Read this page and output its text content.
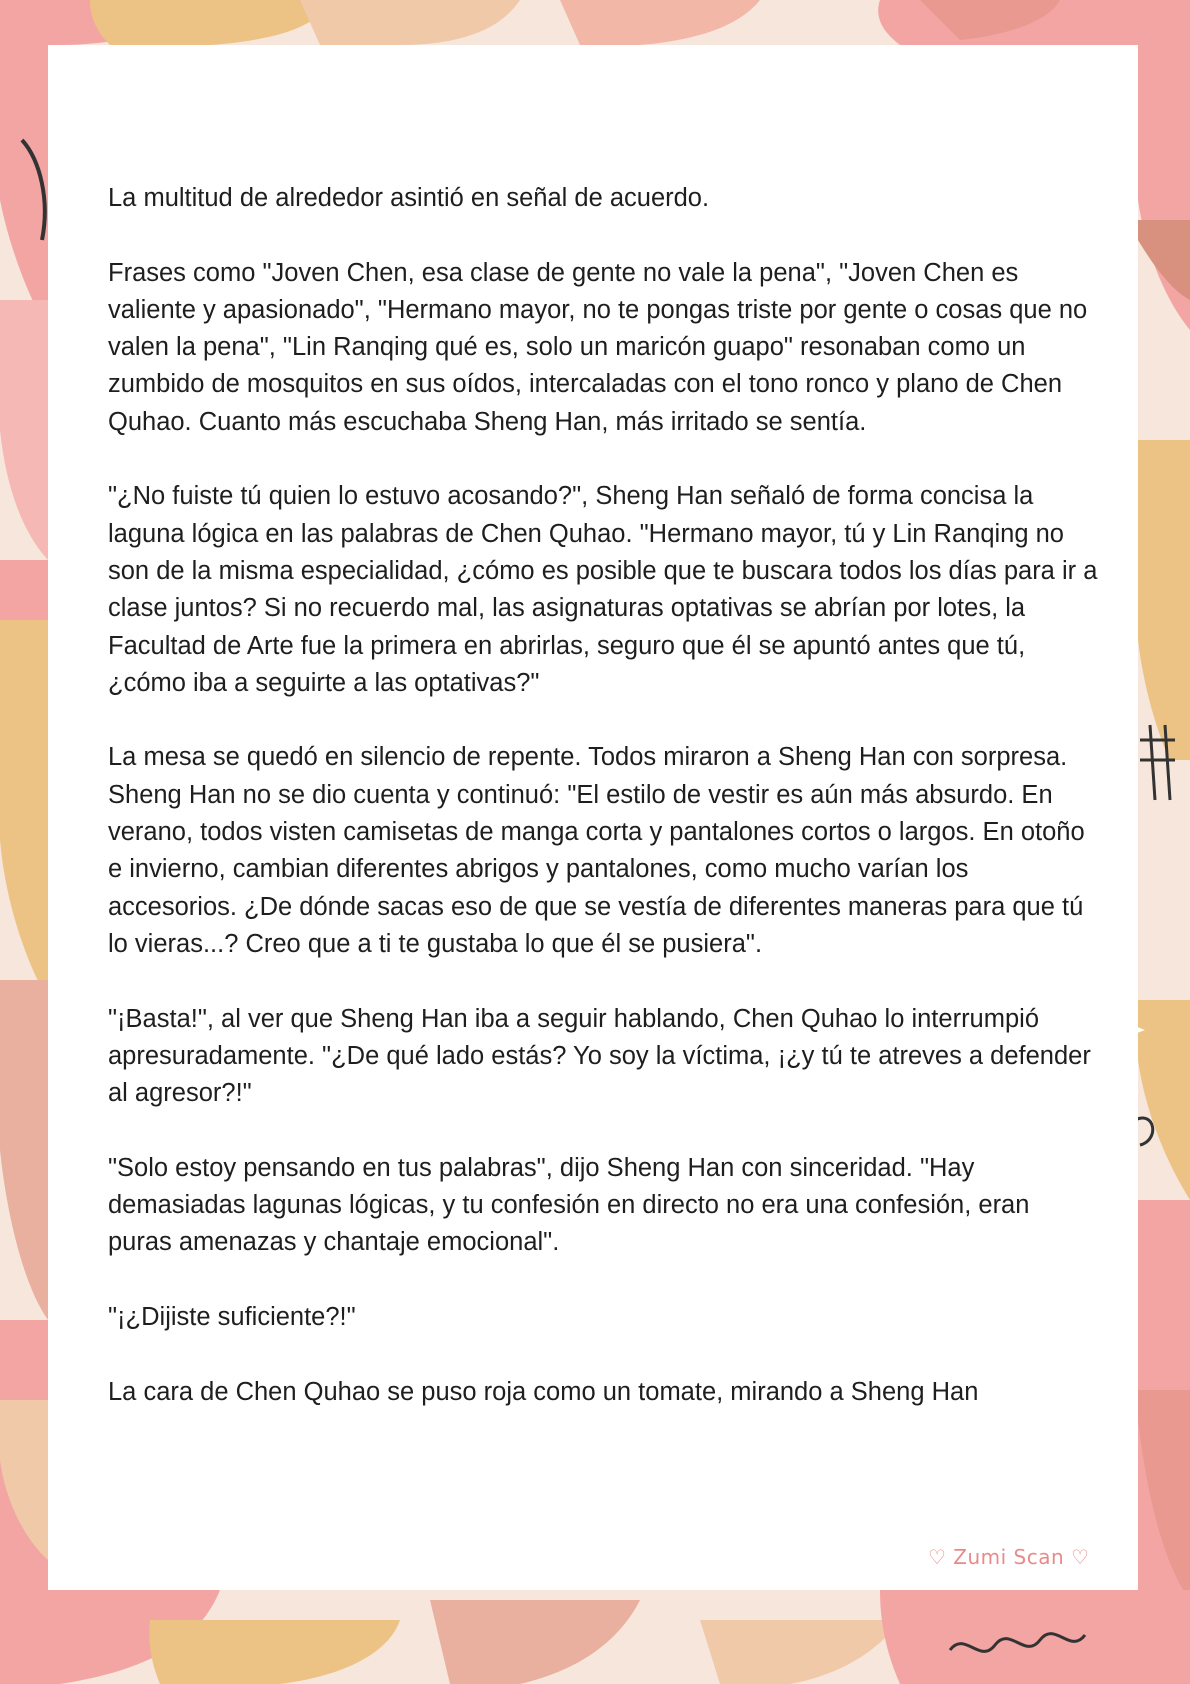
La multitud de alrededor asintió en señal de acuerdo.

Frases como "Joven Chen, esa clase de gente no vale la pena", "Joven Chen es valiente y apasionado", "Hermano mayor, no te pongas triste por gente o cosas que no valen la pena", "Lin Ranqing qué es, solo un maricón guapo" resonaban como un zumbido de mosquitos en sus oídos, intercaladas con el tono ronco y plano de Chen Quhao. Cuanto más escuchaba Sheng Han, más irritado se sentía.

"¿No fuiste tú quien lo estuvo acosando?", Sheng Han señaló de forma concisa la laguna lógica en las palabras de Chen Quhao. "Hermano mayor, tú y Lin Ranqing no son de la misma especialidad, ¿cómo es posible que te buscara todos los días para ir a clase juntos? Si no recuerdo mal, las asignaturas optativas se abrían por lotes, la Facultad de Arte fue la primera en abrirlas, seguro que él se apuntó antes que tú, ¿cómo iba a seguirte a las optativas?"

La mesa se quedó en silencio de repente. Todos miraron a Sheng Han con sorpresa. Sheng Han no se dio cuenta y continuó: "El estilo de vestir es aún más absurdo. En verano, todos visten camisetas de manga corta y pantalones cortos o largos. En otoño e invierno, cambian diferentes abrigos y pantalones, como mucho varían los accesorios. ¿De dónde sacas eso de que se vestía de diferentes maneras para que tú lo vieras...? Creo que a ti te gustaba lo que él se pusiera".

"¡Basta!", al ver que Sheng Han iba a seguir hablando, Chen Quhao lo interrumpió apresuradamente. "¿De qué lado estás? Yo soy la víctima, ¡¿y tú te atreves a defender al agresor?!"

"Solo estoy pensando en tus palabras", dijo Sheng Han con sinceridad. "Hay demasiadas lagunas lógicas, y tu confesión en directo no era una confesión, eran puras amenazas y chantaje emocional".

"¡¿Dijiste suficiente?!"

La cara de Chen Quhao se puso roja como un tomate, mirando a Sheng Han

♡ Zumi Scan ♡
